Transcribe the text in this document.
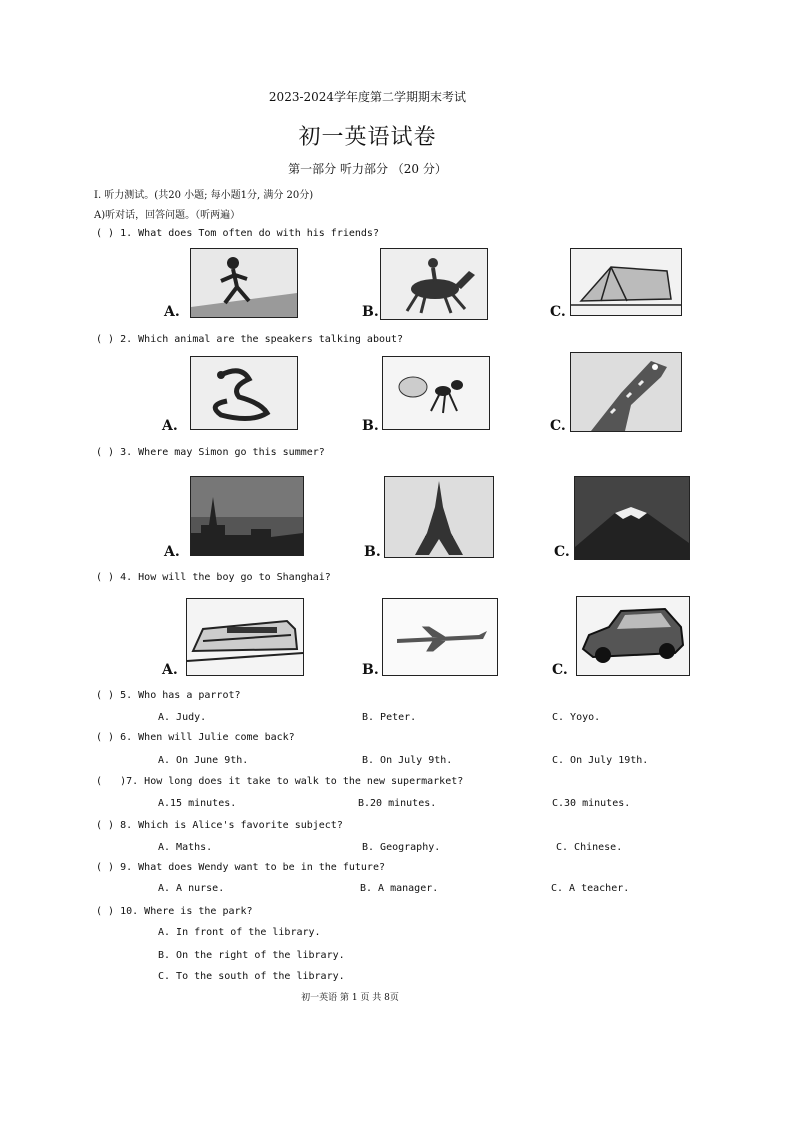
2023-2024学年度第二学期期末考试
初一英语试卷
第一部分 听力部分 （20 分）
I. 听力测试。(共20 小题; 每小题1分, 满分 20分)
A)听对话，回答问题。（听两遍）
( ) 1. What does Tom often do with his friends?
A.	B.	C.
( ) 2. Which animal are the speakers talking about?
A.	B.	C.
( ) 3. Where may Simon go this summer?
A.	B.	C.
( ) 4. How will the boy go to Shanghai?
A.	B.	C.
( ) 5. Who has a parrot?
A. Judy.	B. Peter.	C. Yoyo.
( ) 6. When will Julie come back?
A. On June 9th.	B. On July 9th.	C. On July 19th.
(   )7. How long does it take to walk to the new supermarket?
A.15 minutes.	B.20 minutes.	C.30 minutes.
( ) 8. Which is Alice's favorite subject?
A. Maths.	B. Geography.	C. Chinese.
( ) 9. What does Wendy want to be in the future?
A. A nurse.	B. A manager.	C. A teacher.
( ) 10. Where is the park?
A. In front of the library.
B. On the right of the library.
C. To the south of the library.
初一英语 第 1 页 共 8页
